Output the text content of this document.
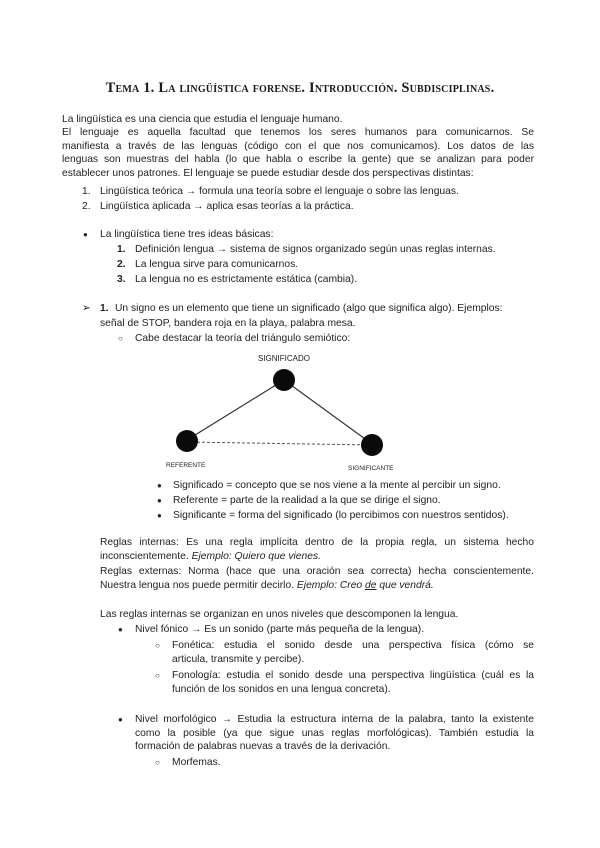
Tema 1. La lingüística forense. Introducción. Subdisciplinas.
La lingüística es una ciencia que estudia el lenguaje humano.
El lenguaje es aquella facultad que tenemos los seres humanos para comunicarnos. Se
manifiesta a través de las lenguas (código con el que nos comunicamos). Los datos de las
lenguas son muestras del habla (lo que habla o escribe la gente) que se analizan para poder
establecer unos patrones. El lenguaje se puede estudiar desde dos perspectivas distintas:
1. Lingüística teórica → formula una teoría sobre el lenguaje o sobre las lenguas.
2. Lingüística aplicada → aplica esas teorías a la práctica.
● La lingüística tiene tres ideas básicas:
1. Definición lengua → sistema de signos organizado según unas reglas internas.
2. La lengua sirve para comunicarnos.
3. La lengua no es estrictamente estática (cambia).
➢ 1. Un signo es un elemento que tiene un significado (algo que significa algo). Ejemplos:
señal de STOP, bandera roja en la playa, palabra mesa.
○ Cabe destacar la teoría del triángulo semiótico:
SIGNIFICADO
REFERENTE	SIGNIFICANTE
● Significado = concepto que se nos viene a la mente al percibir un signo.
● Referente = parte de la realidad a la que se dirige el signo.
● Significante = forma del significado (lo percibimos con nuestros sentidos).
Reglas internas: Es una regla implícita dentro de la propia regla, un sistema hecho
inconscientemente. Ejemplo: Quiero que vienes.
Reglas externas: Norma (hace que una oración sea correcta) hecha conscientemente.
Nuestra lengua nos puede permitir decirlo. Ejemplo: Creo de que vendrá.
Las reglas internas se organizan en unos niveles que descomponen la lengua.
● Nivel fónico → Es un sonido (parte más pequeña de la lengua).
○ Fonética: estudia el sonido desde una perspectiva física (cómo se
articula, transmite y percibe).
○ Fonología: estudia el sonido desde una perspectiva lingüística (cuál es la
función de los sonidos en una lengua concreta).
● Nivel morfológico → Estudia la estructura interna de la palabra, tanto la existente
como la posible (ya que sigue unas reglas morfológicas). También estudia la
formación de palabras nuevas a través de la derivación.
○ Morfemas.
